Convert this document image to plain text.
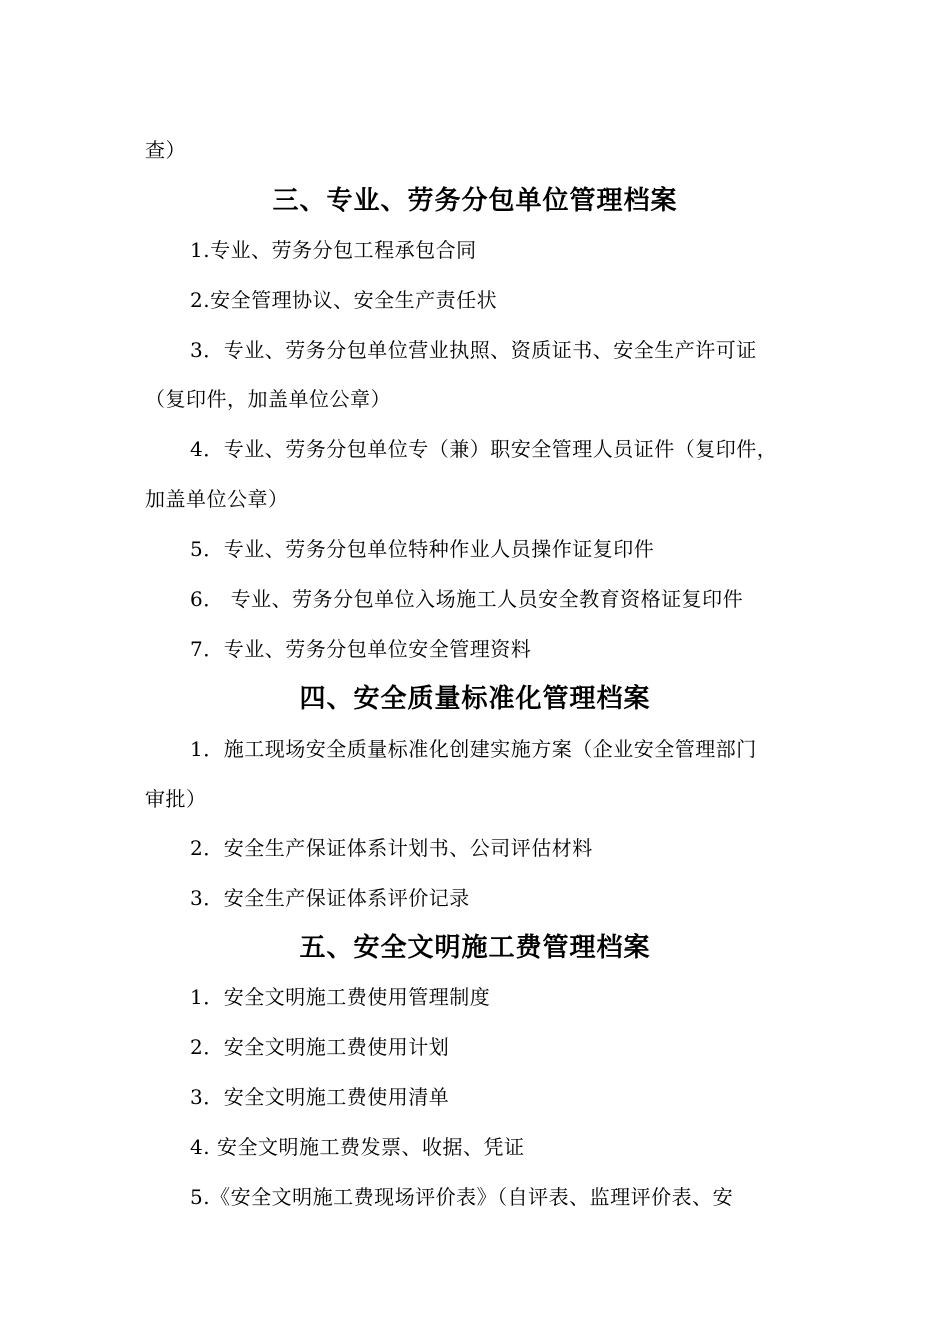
查）
三、专业、劳务分包单位管理档案
1.专业、劳务分包工程承包合同
2.安全管理协议、安全生产责任状
3．专业、劳务分包单位营业执照、资质证书、安全生产许可证
（复印件，加盖单位公章）
4．专业、劳务分包单位专（兼）职安全管理人员证件（复印件，
加盖单位公章）
5．专业、劳务分包单位特种作业人员操作证复印件
6． 专业、劳务分包单位入场施工人员安全教育资格证复印件
7．专业、劳务分包单位安全管理资料
四、安全质量标准化管理档案
1．施工现场安全质量标准化创建实施方案（企业安全管理部门
审批）
2．安全生产保证体系计划书、公司评估材料
3．安全生产保证体系评价记录
五、安全文明施工费管理档案
1．安全文明施工费使用管理制度
2．安全文明施工费使用计划
3．安全文明施工费使用清单
4. 安全文明施工费发票、收据、凭证
5.《安全文明施工费现场评价表》（自评表、监理评价表、安
